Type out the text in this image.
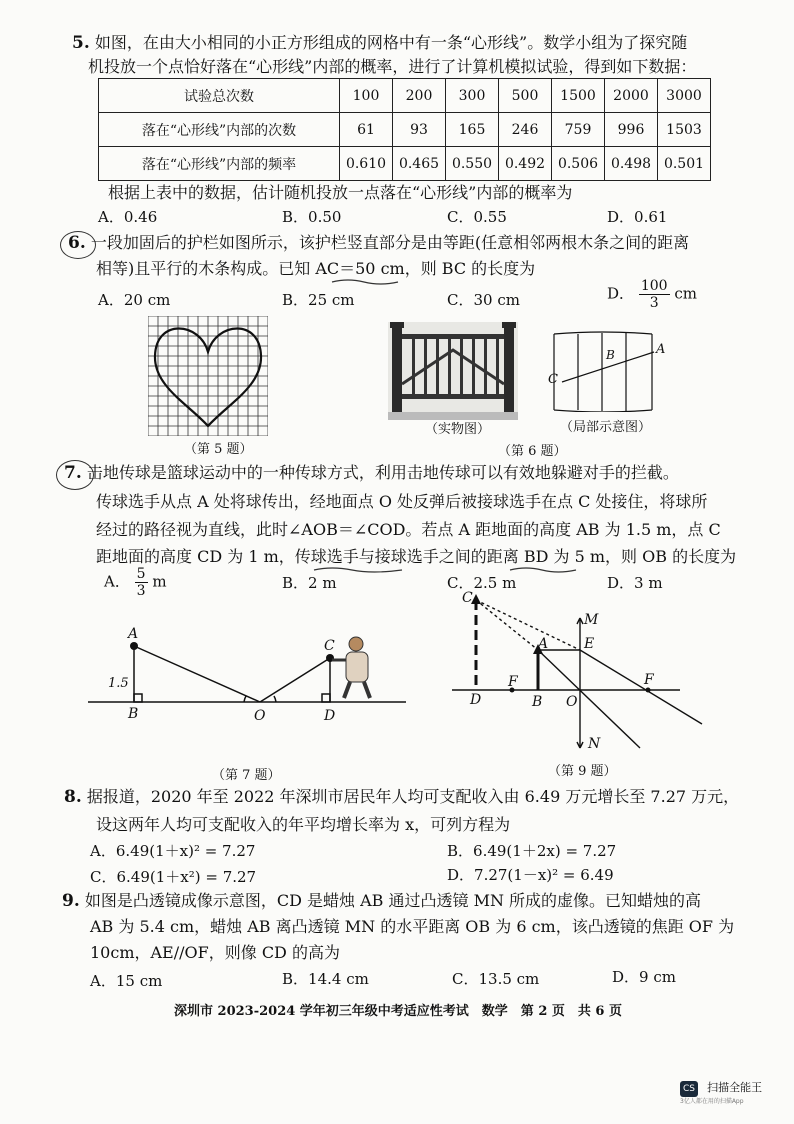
5. 如图，在由大小相同的小正方形组成的网格中有一条“心形线”。数学小组为了探究随
机投放一个点恰好落在“心形线”内部的概率，进行了计算机模拟试验，得到如下数据：
试验总次数	100	200	300	500	1500	2000	3000
落在“心形线”内部的次数	61	93	165	246	759	996	1503
落在“心形线”内部的频率	0.610	0.465	0.550	0.492	0.506	0.498	0.501
根据上表中的数据，估计随机投放一点落在“心形线”内部的概率为
A．0.46	B．0.50	C．0.55	D．0.61
6. 一段加固后的护栏如图所示，该护栏竖直部分是由等距(任意相邻两根木条之间的距离
相等)且平行的木条构成。已知 AC＝50 cm，则 BC 的长度为
A．20 cm	B．25 cm	C．30 cm	D． $\frac{100}{3}$ cm
（第 5 题）
（实物图）
B	A
C
（局部示意图）
（第 6 题）
7. 击地传球是篮球运动中的一种传球方式，利用击地传球可以有效地躲避对手的拦截。
传球选手从点 A 处将球传出，经地面点 O 处反弹后被接球选手在点 C 处接住，将球所
经过的路径视为直线，此时∠AOB＝∠COD。若点 A 距地面的高度 AB 为 1.5 m，点 C
距地面的高度 CD 为 1 m，传球选手与接球选手之间的距离 BD 为 5 m，则 OB 的长度为
A． $\frac{5}{3}$ m	B．2 m	C．2.5 m	D．3 m
A
1.5
B	O
C
D
（第 7 题）
C
M
E
A
F	F
D	B O
N
（第 9 题）
8. 据报道，2020 年至 2022 年深圳市居民年人均可支配收入由 6.49 万元增长至 7.27 万元，
设这两年人均可支配收入的年平均增长率为 x，可列方程为
A．6.49(1＋x)² = 7.27	B．6.49(1＋2x) = 7.27
C．6.49(1＋x²) = 7.27	D．7.27(1－x)² = 6.49
9. 如图是凸透镜成像示意图，CD 是蜡烛 AB 通过凸透镜 MN 所成的虚像。已知蜡烛的高
AB 为 5.4 cm，蜡烛 AB 离凸透镜 MN 的水平距离 OB 为 6 cm，该凸透镜的焦距 OF 为
10cm，AE//OF，则像 CD 的高为
A．15 cm	B．14.4 cm	C．13.5 cm	D．9 cm
深圳市 2023-2024 学年初三年级中考适应性考试　数学　第 2 页　共 6 页
CS 扫描全能王
3亿人都在用的扫描App
